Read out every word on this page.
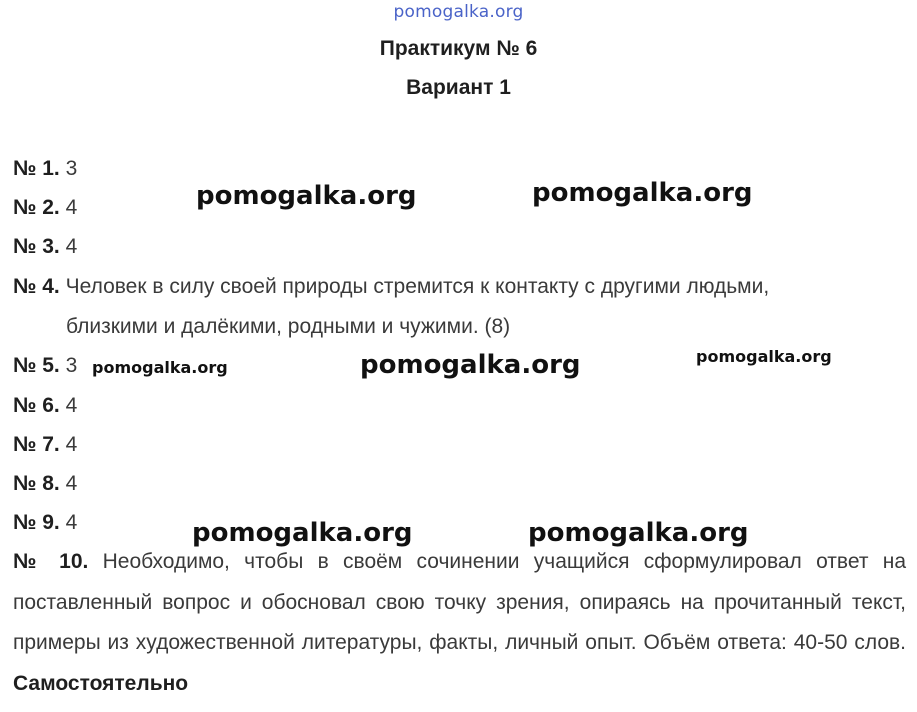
pomogalka.org
Практикум № 6
Вариант 1
№ 1. 3
№ 2. 4
№ 3. 4
№ 4. Человек в силу своей природы стремится к контакту с другими людьми,
близкими и далёкими, родными и чужими. (8)
№ 5. 3
№ 6. 4
№ 7. 4
№ 8. 4
№ 9. 4
№ 10. Необходимо, чтобы в своём сочинении учащийся сформулировал ответ на поставленный вопрос и обосновал свою точку зрения, опираясь на прочитанный текст, примеры из художественной литературы, факты, личный опыт. Объём ответа: 40-50 слов. Самостоятельно
pomogalka.org	pomogalka.org
pomogalka.org	pomogalka.org	pomogalka.org
pomogalka.org	pomogalka.org
